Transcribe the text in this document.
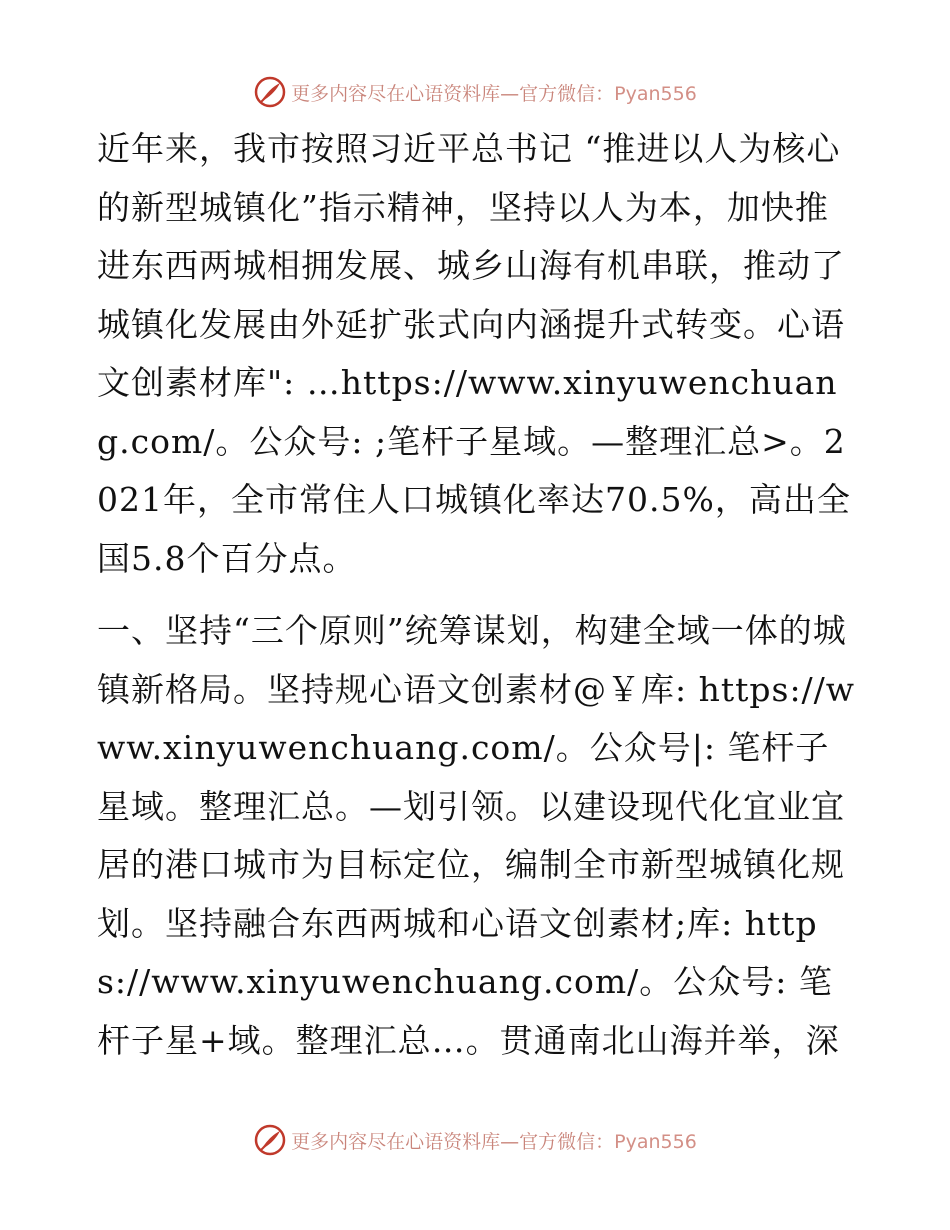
更多内容尽在心语资料库—官方微信：Pyan556

近年来，我市按照习近平总书记 “推进以人为核心的新型城镇化”指示精神，坚持以人为本，加快推进东西两城相拥发展、城乡山海有机串联，推动了城镇化发展由外延扩张式向内涵提升式转变。心语文创素材库": …https://www.xinyuwenchuang.com/。公众号: ;笔杆子星域。—整理汇总>。2021年，全市常住人口城镇化率达70.5%，高出全国5.8个百分点。

一、坚持“三个原则”统筹谋划，构建全域一体的城镇新格局。坚持规心语文创素材@￥库: https://www.xinyuwenchuang.com/。公众号|: 笔杆子星域。整理汇总。—划引领。以建设现代化宜业宜居的港口城市为目标定位，编制全市新型城镇化规划。坚持融合东西两城和心语文创素材;库: https://www.xinyuwenchuang.com/。公众号: 笔杆子星+域。整理汇总…。贯通南北山海并举，深

更多内容尽在心语资料库—官方微信：Pyan556
